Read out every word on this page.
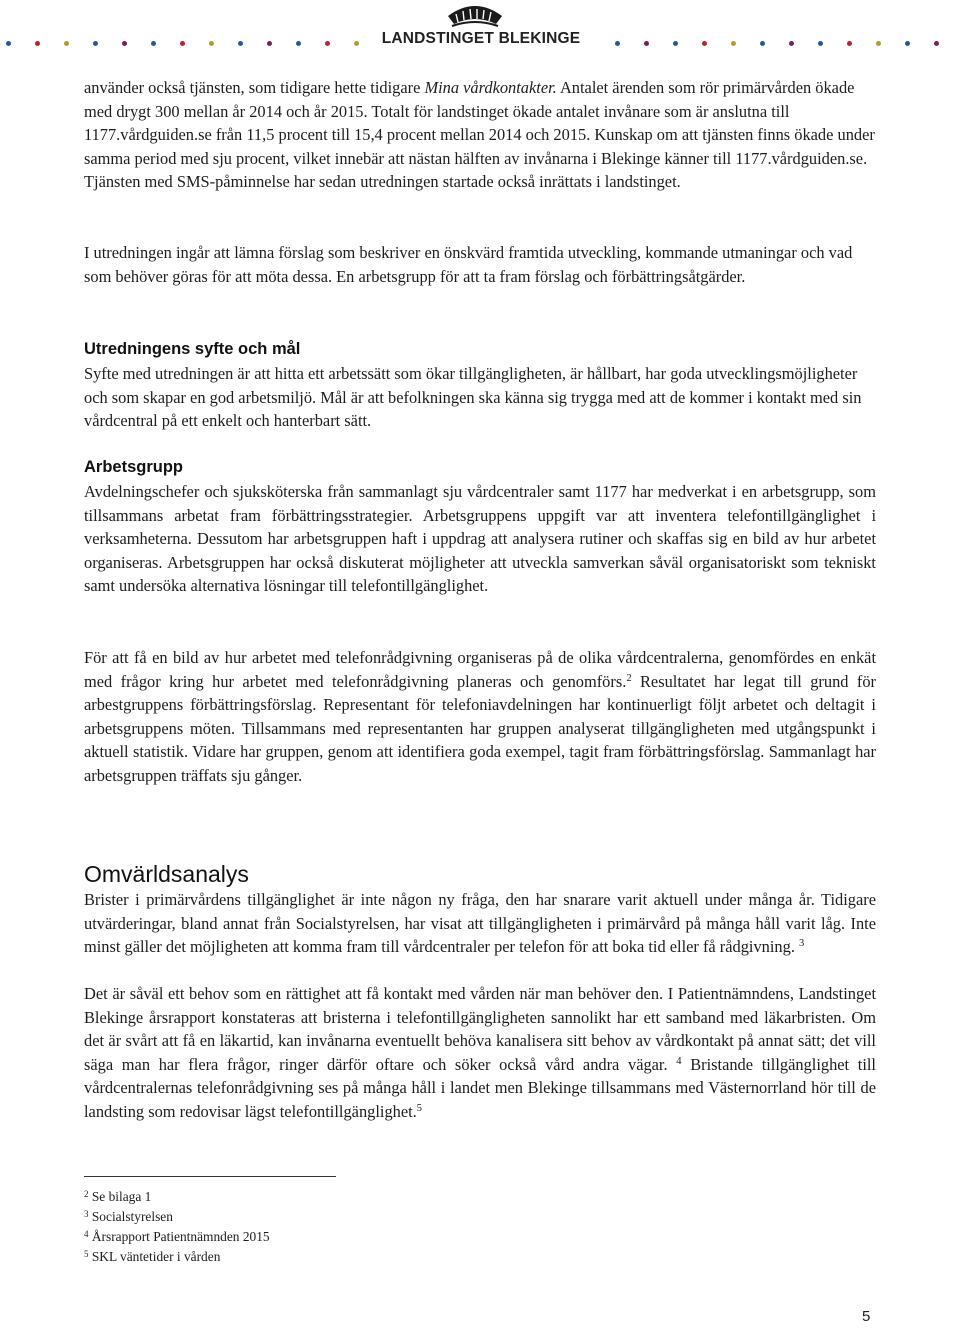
LANDSTINGET BLEKINGE

använder också tjänsten, som tidigare hette tidigare Mina vårdkontakter. Antalet ärenden som rör primärvården ökade med drygt 300 mellan år 2014 och år 2015. Totalt för landstinget ökade antalet invånare som är anslutna till 1177.vårdguiden.se från 11,5 procent till 15,4 procent mellan 2014 och 2015. Kunskap om att tjänsten finns ökade under samma period med sju procent, vilket innebär att nästan hälften av invånarna i Blekinge känner till 1177.vårdguiden.se. Tjänsten med SMS-påminnelse har sedan utredningen startade också inrättats i landstinget.

I utredningen ingår att lämna förslag som beskriver en önskvärd framtida utveckling, kommande utmaningar och vad som behöver göras för att möta dessa. En arbetsgrupp för att ta fram förslag och förbättringsåtgärder.

Utredningens syfte och mål

Syfte med utredningen är att hitta ett arbetssätt som ökar tillgängligheten, är hållbart, har goda utvecklingsmöjligheter och som skapar en god arbetsmiljö. Mål är att befolkningen ska känna sig trygga med att de kommer i kontakt med sin vårdcentral på ett enkelt och hanterbart sätt.

Arbetsgrupp

Avdelningschefer och sjuksköterska från sammanlagt sju vårdcentraler samt 1177 har medverkat i en arbetsgrupp, som tillsammans arbetat fram förbättringsstrategier. Arbetsgruppens uppgift var att inventera telefontillgänglighet i verksamheterna. Dessutom har arbetsgruppen haft i uppdrag att analysera rutiner och skaffas sig en bild av hur arbetet organiseras. Arbetsgruppen har också diskuterat möjligheter att utveckla samverkan såväl organisatoriskt som tekniskt samt undersöka alternativa lösningar till telefontillgänglighet.

För att få en bild av hur arbetet med telefonrådgivning organiseras på de olika vårdcentralerna, genomfördes en enkät med frågor kring hur arbetet med telefonrådgivning planeras och genomförs.$^2$ Resultatet har legat till grund för arbestgruppens förbättringsförslag. Representant för telefoniavdelningen har kontinuerligt följt arbetet och deltagit i arbetsgruppens möten. Tillsammans med representanten har gruppen analyserat tillgängligheten med utgångspunkt i aktuell statistik. Vidare har gruppen, genom att identifiera goda exempel, tagit fram förbättringsförslag. Sammanlagt har arbetsgruppen träffats sju gånger.

Omvärldsanalys

Brister i primärvårdens tillgänglighet är inte någon ny fråga, den har snarare varit aktuell under många år. Tidigare utvärderingar, bland annat från Socialstyrelsen, har visat att tillgängligheten i primärvård på många håll varit låg. Inte minst gäller det möjligheten att komma fram till vårdcentraler per telefon för att boka tid eller få rådgivning. $^3$

Det är såväl ett behov som en rättighet att få kontakt med vården när man behöver den. I Patientnämndens, Landstinget Blekinge årsrapport konstateras att bristerna i telefontillgängligheten sannolikt har ett samband med läkarbristen. Om det är svårt att få en läkartid, kan invånarna eventuellt behöva kanalisera sitt behov av vårdkontakt på annat sätt; det vill säga man har flera frågor, ringer därför oftare och söker också vård andra vägar. $^4$ Bristande tillgänglighet till vårdcentralernas telefonrådgivning ses på många håll i landet men Blekinge tillsammans med Västernorrland hör till de landsting som redovisar lägst telefontillgänglighet.$^5$

$^2$ Se bilaga 1
$^3$ Socialstyrelsen
$^4$ Årsrapport Patientnämnden 2015
$^5$ SKL väntetider i vården
5
